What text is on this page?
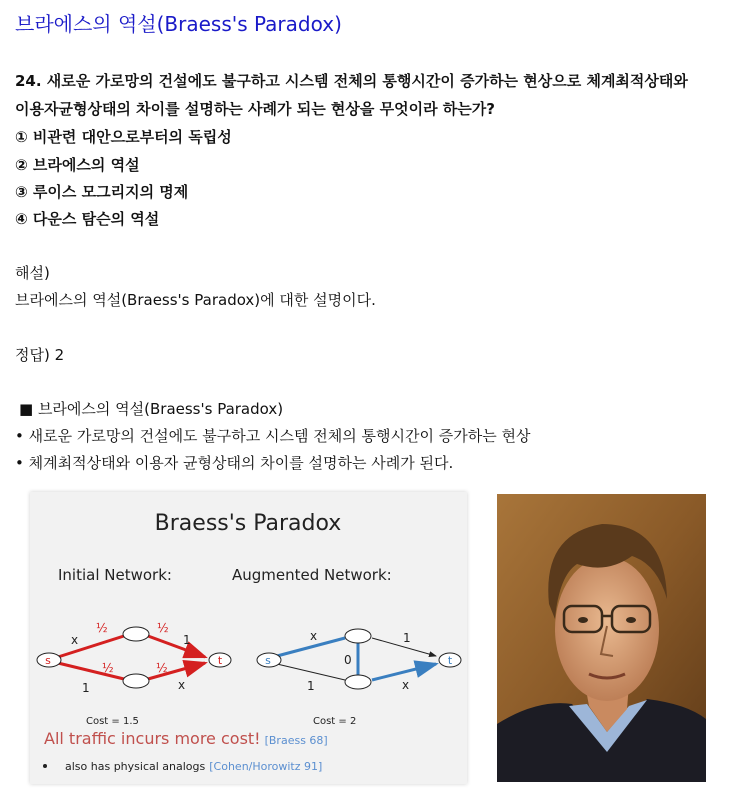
브라에스의 역설(Braess's Paradox)
24. 새로운 가로망의 건설에도 불구하고 시스템 전체의 통행시간이 증가하는 현상으로 체계최적상태와
이용자균형상태의 차이를 설명하는 사례가 되는 현상을 무엇이라 하는가?
① 비관련 대안으로부터의 독립성
② 브라에스의 역설
③ 루이스 모그리지의 명제
④ 다운스 탐슨의 역설
해설)
브라에스의 역설(Braess's Paradox)에 대한 설명이다.
정답) 2
■ 브라에스의 역설(Braess's Paradox)
• 새로운 가로망의 건설에도 불구하고 시스템 전체의 통행시간이 증가하는 현상
• 체계최적상태와 이용자 균형상태의 차이를 설명하는 사례가 된다.
Braess's Paradox
Initial Network:	Augmented Network:
s	t
x
½	½
1
1
½	½
x
Cost = 1.5
s	t
x	1
0
1	x
Cost = 2
All traffic incurs more cost! [Braess 68]
also has physical analogs [Cohen/Horowitz 91]
